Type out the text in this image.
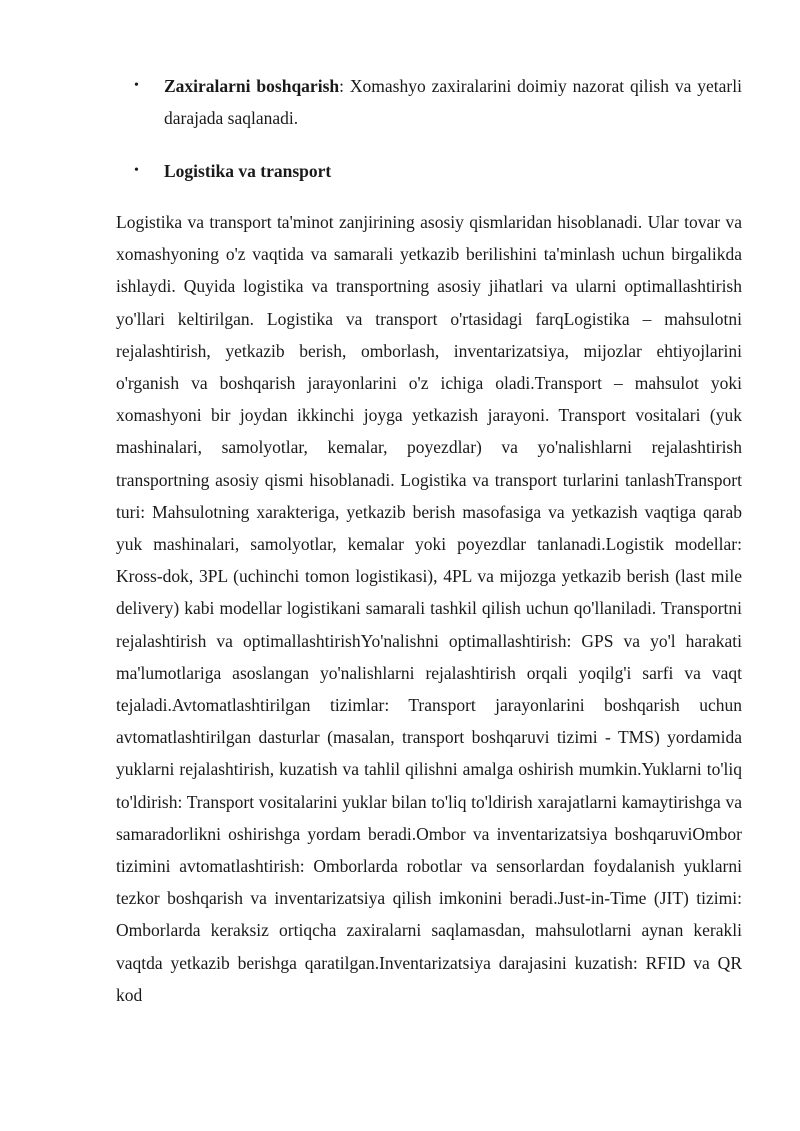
• Zaxiralarni boshqarish: Xomashyo zaxiralarini doimiy nazorat qilish va yetarli darajada saqlanadi.
• Logistika va transport

Logistika va transport ta'minot zanjirining asosiy qismlaridan hisoblanadi. Ular tovar va xomashyoning o'z vaqtida va samarali yetkazib berilishini ta'minlash uchun birgalikda ishlaydi. Quyida logistika va transportning asosiy jihatlari va ularni optimallashtirish yo'llari keltirilgan. Logistika va transport o'rtasidagi farqLogistika – mahsulotni rejalashtirish, yetkazib berish, omborlash, inventarizatsiya, mijozlar ehtiyojlarini o'rganish va boshqarish jarayonlarini o'z ichiga oladi.Transport – mahsulot yoki xomashyoni bir joydan ikkinchi joyga yetkazish jarayoni. Transport vositalari (yuk mashinalari, samolyotlar, kemalar, poyezdlar) va yo'nalishlarni rejalashtirish transportning asosiy qismi hisoblanadi. Logistika va transport turlarini tanlashTransport turi: Mahsulotning xarakteriga, yetkazib berish masofasiga va yetkazish vaqtiga qarab yuk mashinalari, samolyotlar, kemalar yoki poyezdlar tanlanadi.Logistik modellar: Kross-dok, 3PL (uchinchi tomon logistikasi), 4PL va mijozga yetkazib berish (last mile delivery) kabi modellar logistikani samarali tashkil qilish uchun qo'llaniladi. Transportni rejalashtirish va optimallashtirishYo'nalishni optimallashtirish: GPS va yo'l harakati ma'lumotlariga asoslangan yo'nalishlarni rejalashtirish orqali yoqilg'i sarfi va vaqt tejaladi.Avtomatlashtirilgan tizimlar: Transport jarayonlarini boshqarish uchun avtomatlashtirilgan dasturlar (masalan, transport boshqaruvi tizimi - TMS) yordamida yuklarni rejalashtirish, kuzatish va tahlil qilishni amalga oshirish mumkin.Yuklarni to'liq to'ldirish: Transport vositalarini yuklar bilan to'liq to'ldirish xarajatlarni kamaytirishga va samaradorlikni oshirishga yordam beradi.Ombor va inventarizatsiya boshqaruviOmbor tizimini avtomatlashtirish: Omborlarda robotlar va sensorlardan foydalanish yuklarni tezkor boshqarish va inventarizatsiya qilish imkonini beradi.Just-in-Time (JIT) tizimi: Omborlarda keraksiz ortiqcha zaxiralarni saqlamasdan, mahsulotlarni aynan kerakli vaqtda yetkazib berishga qaratilgan.Inventarizatsiya darajasini kuzatish: RFID va QR kod
